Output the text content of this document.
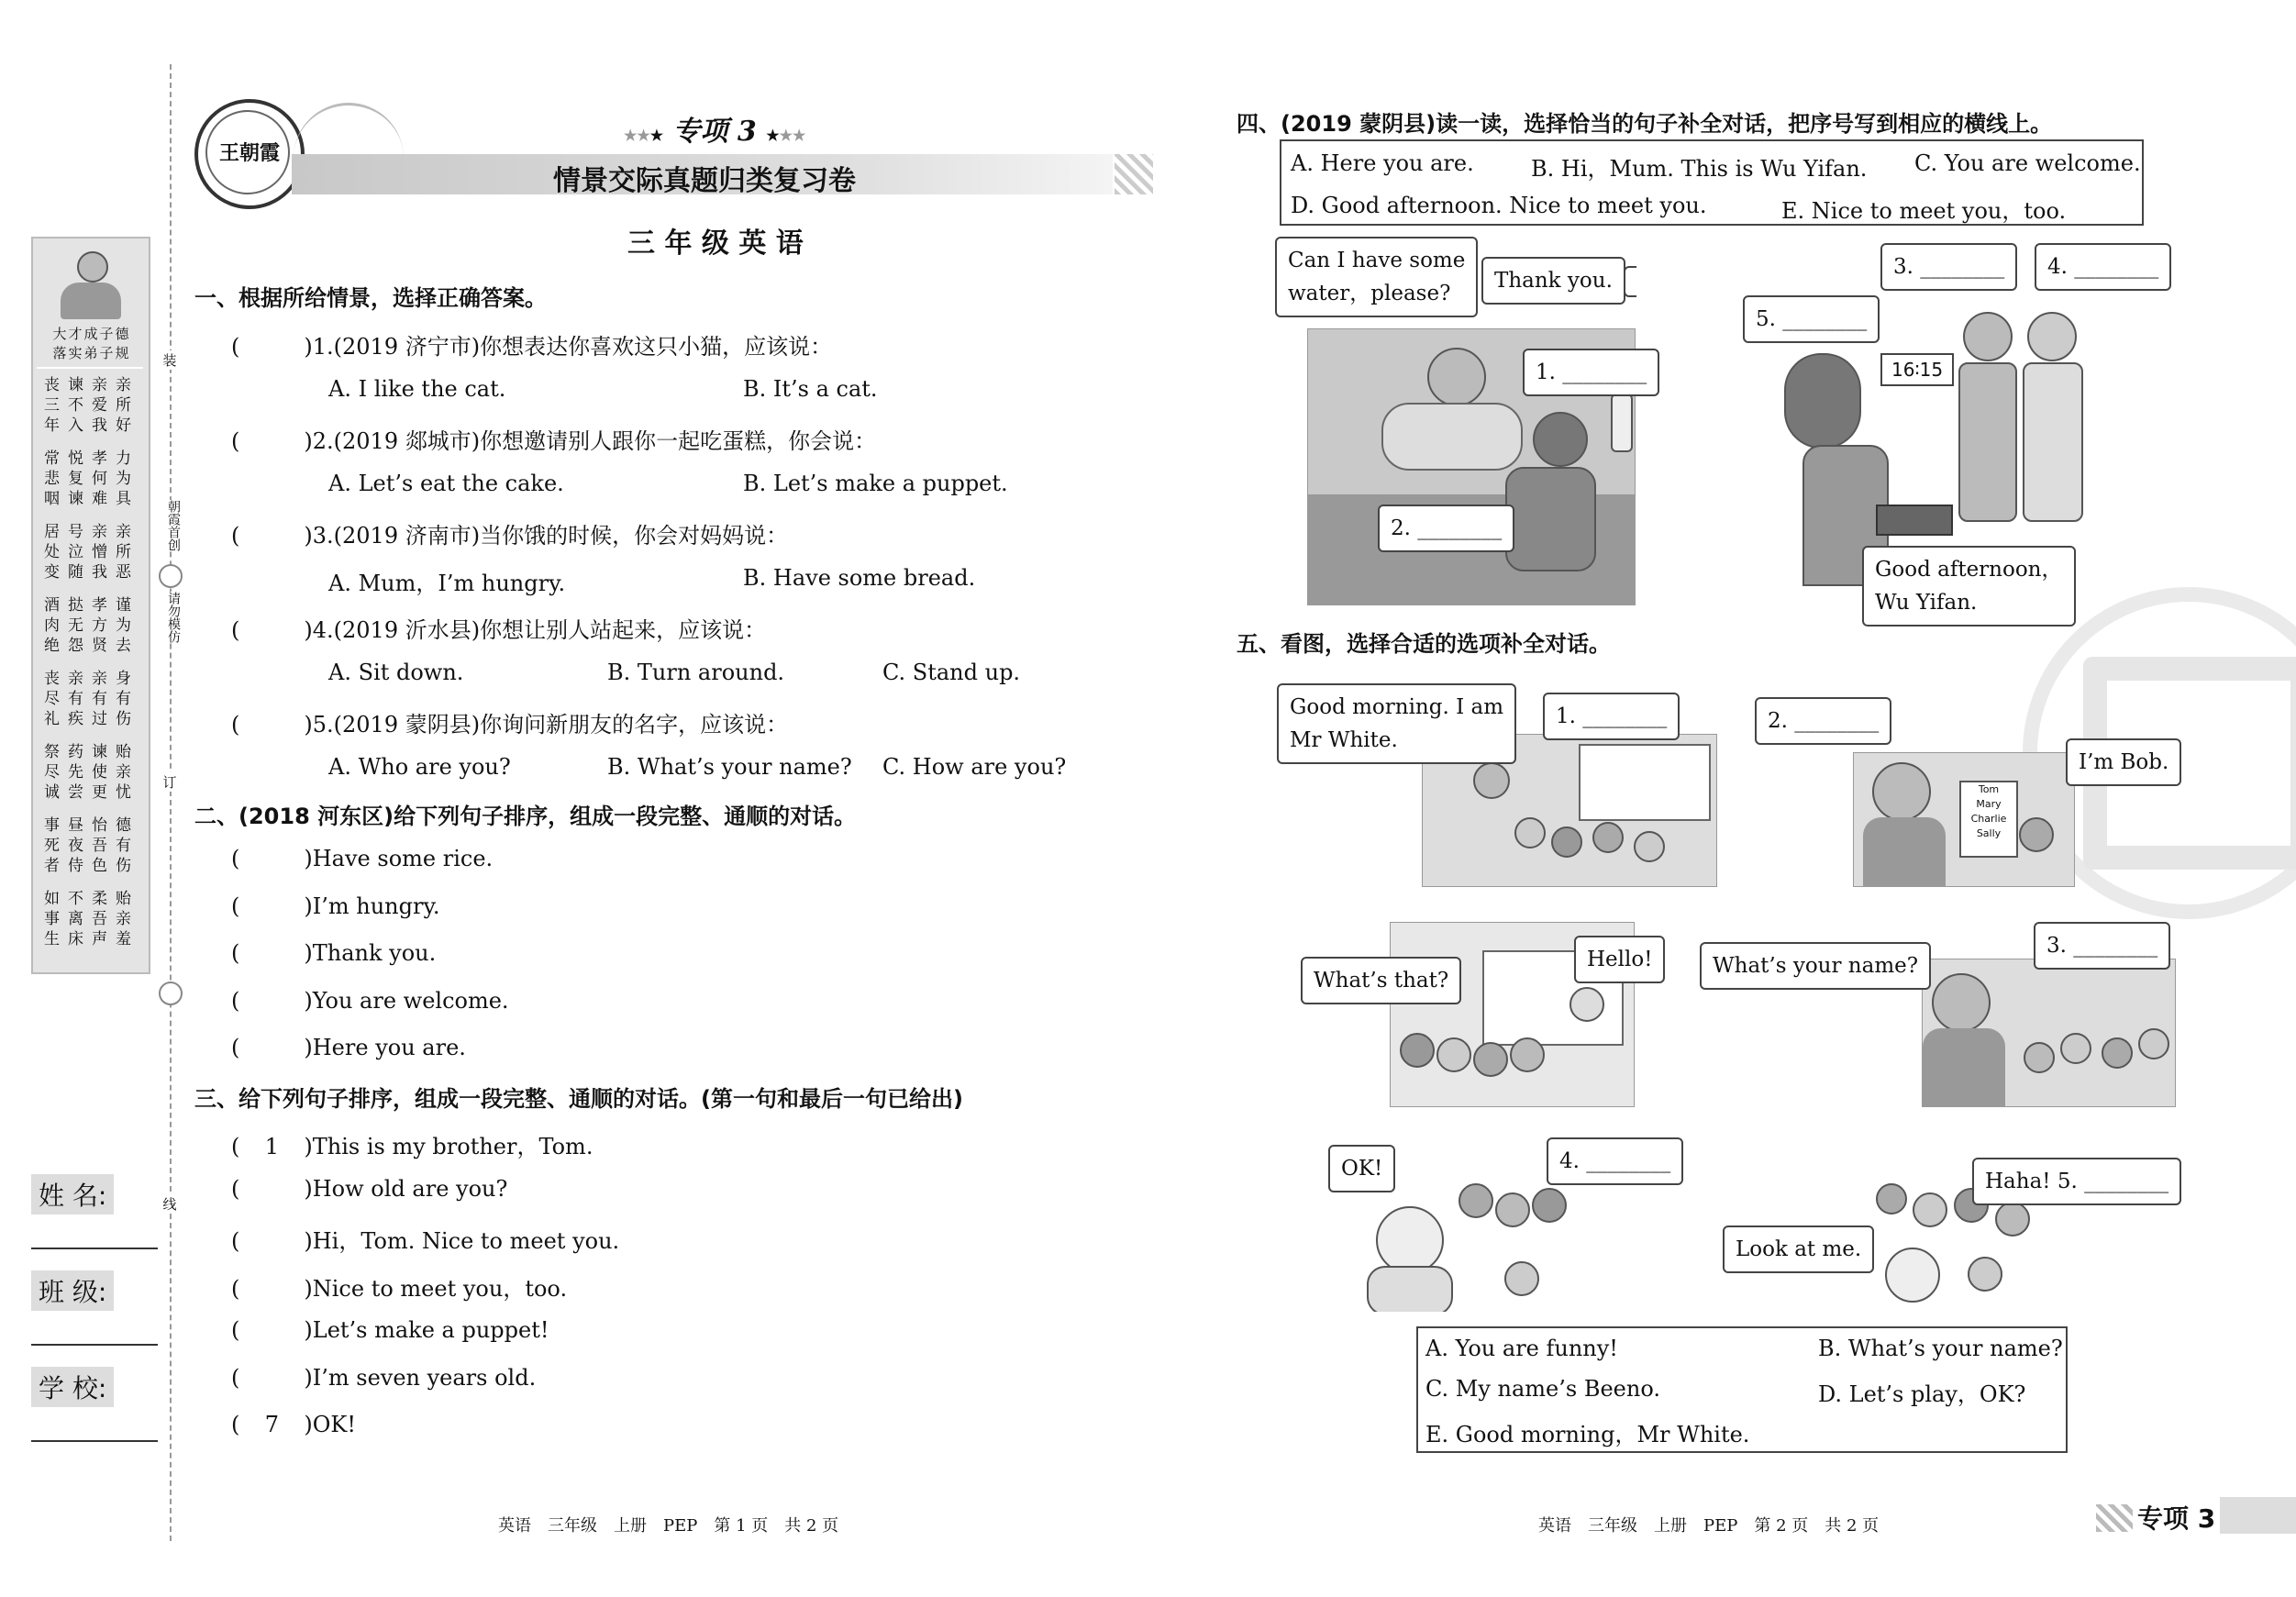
大才成子德
落实弟子规
丧 谏 亲 亲
三 不 爱 所
年 入 我 好
常 悦 孝 力
悲 复 何 为
咽 谏 难 具
居 号 亲 亲
处 泣 憎 所
变 随 我 恶
酒 挞 孝 谨
肉 无 方 为
绝 怨 贤 去
丧 亲 亲 身
尽 有 有 有
礼 疾 过 伤
祭 药 谏 贻
尽 先 使 亲
诚 尝 更 忧
事 昼 怡 德
死 夜 吾 有
者 侍 色 伤
如 不 柔 贻
事 离 吾 亲
生 床 声 羞
装
朝霞首创
请勿模仿
订
线
姓 名:
班 级:
学 校:
王朝霞
★★★ 专项 3 ★★★
情景交际真题归类复习卷
三 年 级 英 语
一、根据所给情景，选择正确答案。
(	)1.(2019 济宁市)你想表达你喜欢这只小猫，应该说：
A. I like the cat.	B. It’s a cat.
(	)2.(2019 郯城市)你想邀请别人跟你一起吃蛋糕，你会说：
A. Let’s eat the cake.	B. Let’s make a puppet.
(	)3.(2019 济南市)当你饿的时候，你会对妈妈说：
A. Mum，I’m hungry.	B. Have some bread.
(	)4.(2019 沂水县)你想让别人站起来，应该说：
A. Sit down.	B. Turn around.	C. Stand up.
(	)5.(2019 蒙阴县)你询问新朋友的名字，应该说：
A. Who are you?	B. What’s your name? C. How are you?
二、(2018 河东区)给下列句子排序，组成一段完整、通顺的对话。
(	)Have some rice.
(	)I’m hungry.
(	)Thank you.
(	)You are welcome.
(	)Here you are.
三、给下列句子排序，组成一段完整、通顺的对话。(第一句和最后一句已给出)
( 1 )This is my brother，Tom.
(	)How old are you?
(	)Hi，Tom. Nice to meet you.
(	)Nice to meet you，too.
(	)Let’s make a puppet!
(	)I’m seven years old.
( 7 )OK!
四、(2019 蒙阴县)读一读，选择恰当的句子补全对话，把序号写到相应的横线上。
A. Here you are.	B. Hi，Mum. This is Wu Yifan. C. You are welcome.
D. Good afternoon. Nice to meet you.	E. Nice to meet you，too.
Can I have some
water，please?
Thank you.
1. ________
2. ________
3. ________	4. ________
5. ________
16∶15
Good afternoon，
Wu Yifan.
五、看图，选择合适的选项补全对话。
Good morning. I am
Mr White.
1. ________
Tom
Mary
Charlie
Sally
2. ________
I’m Bob.
What’s that?
Hello!	What’s your name?
3. ________
OK!	4. ________
Haha! 5. ________
Look at me.
A. You are funny!	B. What’s your name?
C. My name’s Beeno.	D. Let’s play，OK?
E. Good morning，Mr White.
英语　三年级　上册　PEP　第 1 页　共 2 页	英语　三年级　上册　PEP　第 2 页　共 2 页	专项 3
